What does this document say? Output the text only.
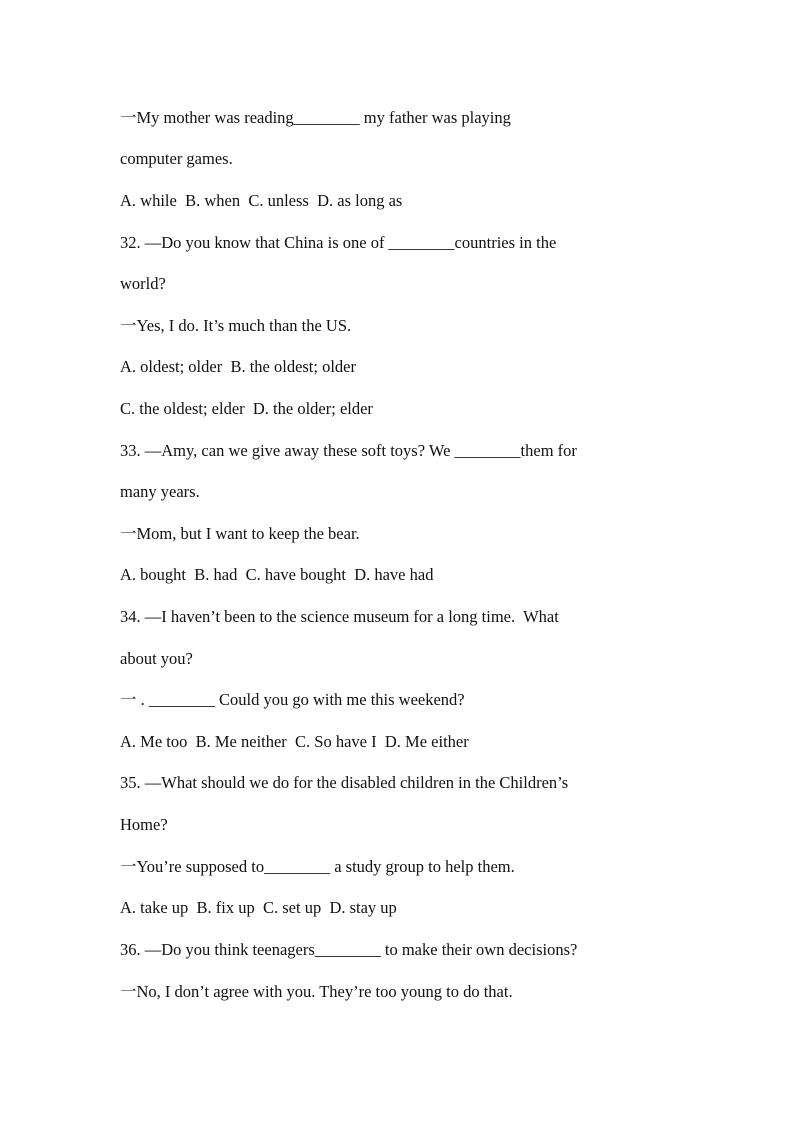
一My mother was reading________ my father was playing
computer games.
A. while  B. when  C. unless  D. as long as
32. —Do you know that China is one of ________countries in the
world?
一Yes, I do. It’s much than the US.
A. oldest; older  B. the oldest; older
C. the oldest; elder  D. the older; elder
33. —Amy, can we give away these soft toys? We ________them for
many years.
一Mom, but I want to keep the bear.
A. bought  B. had  C. have bought  D. have had
34. —I haven’t been to the science museum for a long time.  What
about you?
一 . ________ Could you go with me this weekend?
A. Me too  B. Me neither  C. So have I  D. Me either
35. —What should we do for the disabled children in the Children’s
Home?
一You’re supposed to________ a study group to help them.
A. take up  B. fix up  C. set up  D. stay up
36. —Do you think teenagers________ to make their own decisions?
一No, I don’t agree with you. They’re too young to do that.
